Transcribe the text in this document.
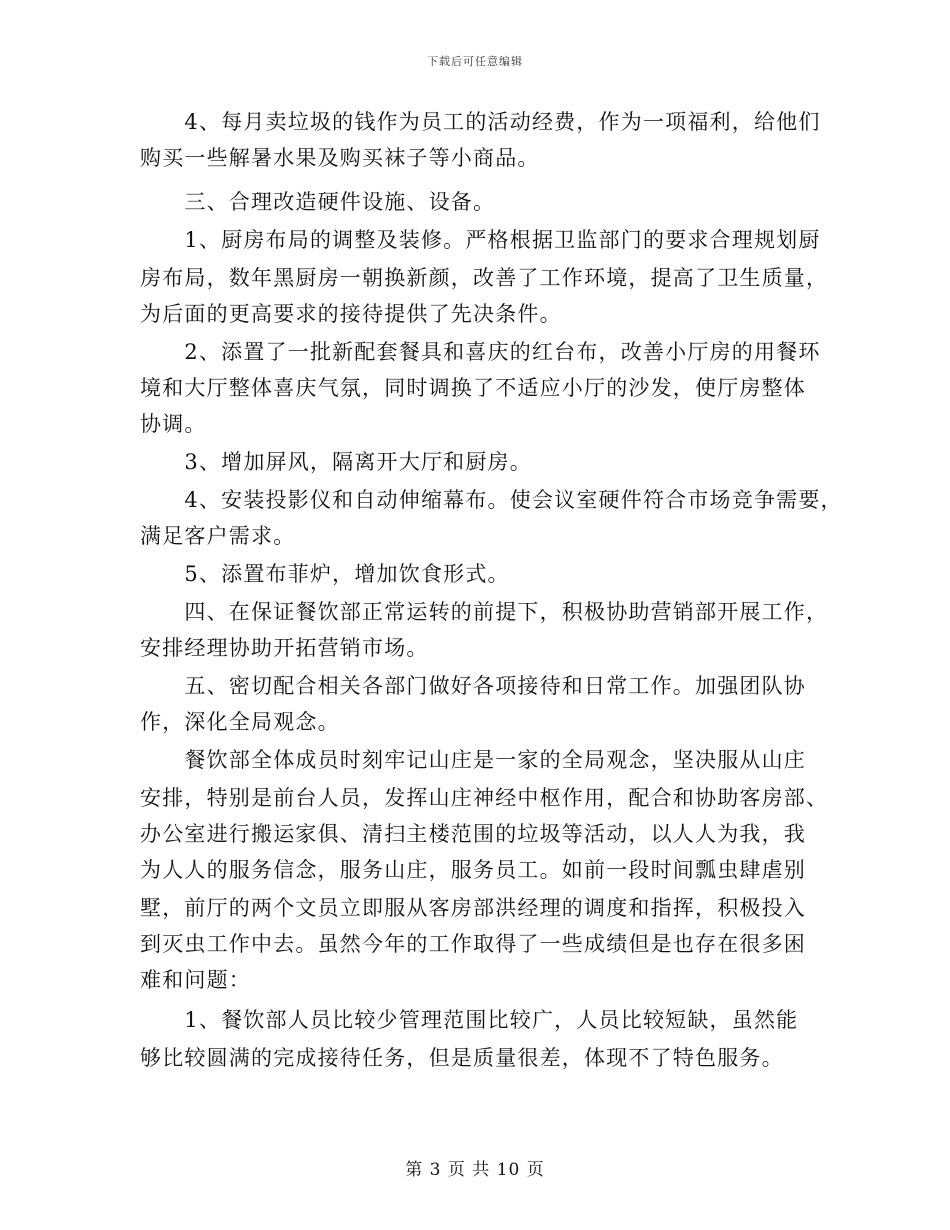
下载后可任意编辑
　　4、每月卖垃圾的钱作为员工的活动经费，作为一项福利，给他们
购买一些解暑水果及购买袜子等小商品。
　　三、合理改造硬件设施、设备。
　　1、厨房布局的调整及装修。严格根据卫监部门的要求合理规划厨
房布局，数年黑厨房一朝换新颜，改善了工作环境，提高了卫生质量，
为后面的更高要求的接待提供了先决条件。
　　2、添置了一批新配套餐具和喜庆的红台布，改善小厅房的用餐环
境和大厅整体喜庆气氛，同时调换了不适应小厅的沙发，使厅房整体
协调。
　　3、增加屏风，隔离开大厅和厨房。
　　4、安装投影仪和自动伸缩幕布。使会议室硬件符合市场竞争需要，
满足客户需求。
　　5、添置布菲炉，增加饮食形式。
　　四、在保证餐饮部正常运转的前提下，积极协助营销部开展工作，
安排经理协助开拓营销市场。
　　五、密切配合相关各部门做好各项接待和日常工作。加强团队协
作，深化全局观念。
　　餐饮部全体成员时刻牢记山庄是一家的全局观念，坚决服从山庄
安排，特别是前台人员，发挥山庄神经中枢作用，配合和协助客房部、
办公室进行搬运家俱、清扫主楼范围的垃圾等活动，以人人为我，我
为人人的服务信念，服务山庄，服务员工。如前一段时间瓢虫肆虐别
墅，前厅的两个文员立即服从客房部洪经理的调度和指挥，积极投入
到灭虫工作中去。虽然今年的工作取得了一些成绩但是也存在很多困
难和问题：
　　1、餐饮部人员比较少管理范围比较广，人员比较短缺，虽然能
够比较圆满的完成接待任务，但是质量很差，体现不了特色服务。
第 3 页 共 10 页
